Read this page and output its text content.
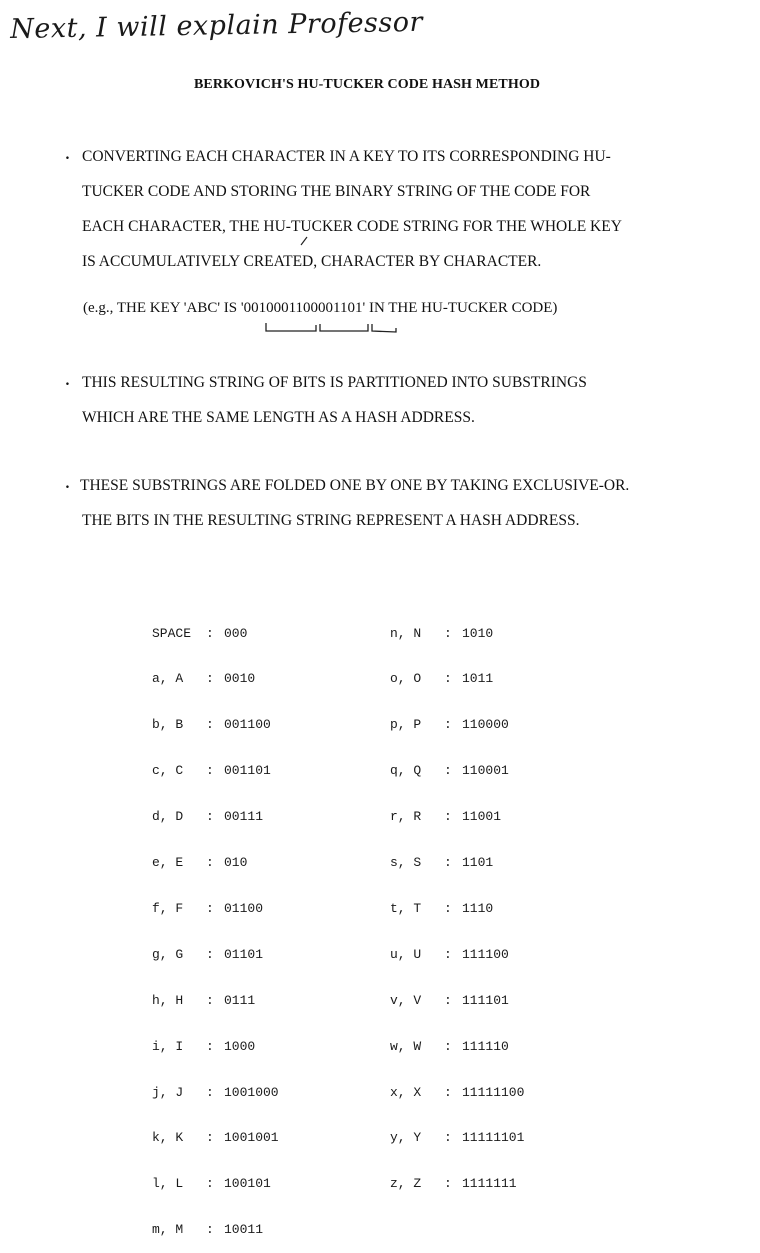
Next, I will explain Professor
BERKOVICH'S HU-TUCKER CODE HASH METHOD
. CONVERTING EACH CHARACTER IN A KEY TO ITS CORRESPONDING HU-
TUCKER CODE AND STORING THE BINARY STRING OF THE CODE FOR
EACH CHARACTER, THE HU-TUCKER CODE STRING FOR THE WHOLE KEY
IS ACCUMULATIVELY CREATED, CHARACTER BY CHARACTER.
(e.g., THE KEY 'ABC' IS '0010001100001101' IN THE HU-TUCKER CODE)
. THIS RESULTING STRING OF BITS IS PARTITIONED INTO SUBSTRINGS
WHICH ARE THE SAME LENGTH AS A HASH ADDRESS.
. THESE SUBSTRINGS ARE FOLDED ONE BY ONE BY TAKING EXCLUSIVE-OR.
THE BITS IN THE RESULTING STRING REPRESENT A HASH ADDRESS.

SPACE : 000

a, A : 0010

b, B : 001100

c, C : 001101

d, D : 00111

e, E : 010

f, F : 01100

g, G : 01101

h, H : 0111

i, I : 1000

j, J : 1001000

k, K : 1001001

l, L : 100101

m, M : 10011

n, N : 1010

o, O : 1011

p, P : 110000

q, Q : 110001

r, R : 11001

s, S : 1101

t, T : 1110

u, U : 111100

v, V : 111101

w, W : 111110

x, X : 11111100

y, Y : 11111101

z, Z : 1111111
